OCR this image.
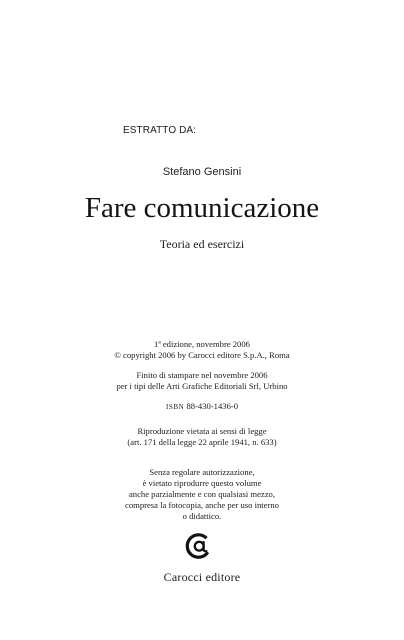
ESTRATTO DA:
Stefano Gensini
Fare comunicazione
Teoria ed esercizi
1ª edizione, novembre 2006
© copyright 2006 by Carocci editore S.p.A., Roma
Finito di stampare nel novembre 2006
per i tipi delle Arti Grafiche Editoriali Srl, Urbino
ISBN 88-430-1436-0
Riproduzione vietata ai sensi di legge
(art. 171 della legge 22 aprile 1941, n. 633)
Senza regolare autorizzazione,
è vietato riprodurre questo volume
anche parzialmente e con qualsiasi mezzo,
compresa la fotocopia, anche per uso interno
o didattico.
Carocci editore
